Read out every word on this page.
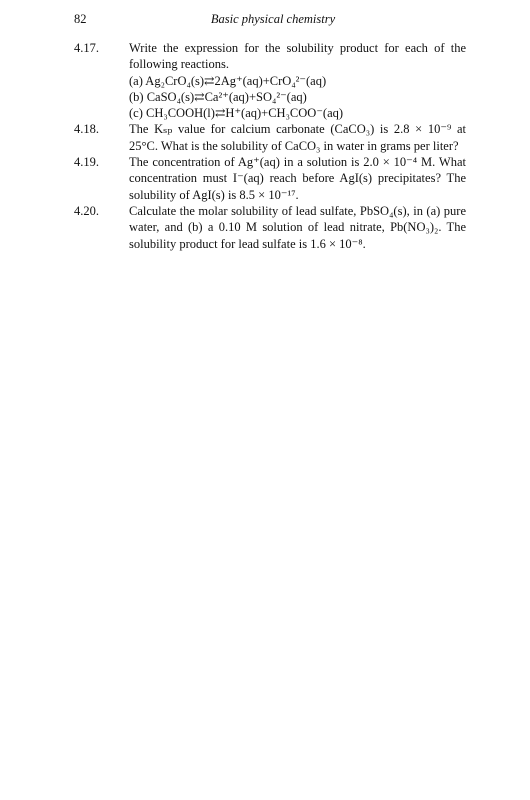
82	Basic physical chemistry
4.17. Write the expression for the solubility product for each of the following reactions.
(a) Ag₂CrO₄(s)⇄2Ag⁺(aq)+CrO₄²⁻(aq)
(b) CaSO₄(s)⇄Ca²⁺(aq)+SO₄²⁻(aq)
(c) CH₃COOH(l)⇄H⁺(aq)+CH₃COO⁻(aq)
4.18. The Kₛₚ value for calcium carbonate (CaCO₃) is 2.8 × 10⁻⁹ at 25°C. What is the solubility of CaCO₃ in water in grams per liter?
4.19. The concentration of Ag⁺(aq) in a solution is 2.0 × 10⁻⁴ M. What concentration must I⁻(aq) reach before AgI(s) precipitates? The solubility of AgI(s) is 8.5 × 10⁻¹⁷.
4.20. Calculate the molar solubility of lead sulfate, PbSO₄(s), in (a) pure water, and (b) a 0.10 M solution of lead nitrate, Pb(NO₃)₂. The solubility product for lead sulfate is 1.6 × 10⁻⁸.
